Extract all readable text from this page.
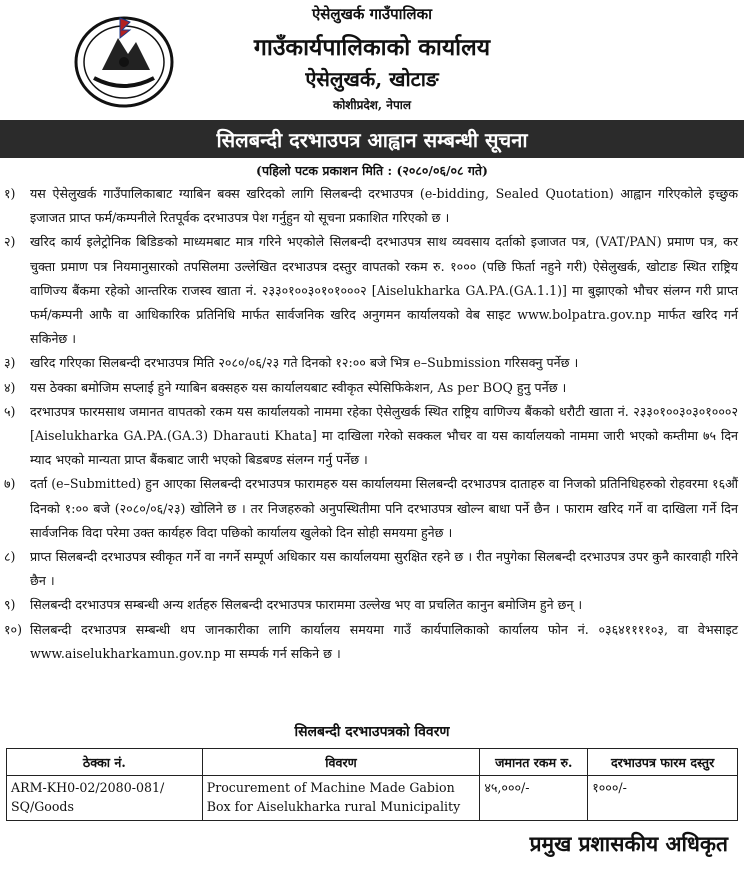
ऐसेलुखर्क गाउँपालिका
गाउँकार्यपालिकाको कार्यालय
ऐसेलुखर्क, खोटाङ
कोशीप्रदेश, नेपाल
सिलबन्दी दरभाउपत्र आह्वान सम्बन्धी सूचना
(पहिलो पटक प्रकाशन मिति : (२०८०/०६/०८ गते)
१)	यस ऐसेलुखर्क गाउँपालिकाबाट ग्याबिन बक्स खरिदको लागि सिलबन्दी दरभाउपत्र (e-bidding, Sealed Quotation) आह्वान गरिएकोले इच्छुक इजाजत प्राप्त फर्म/कम्पनीले रितपूर्वक दरभाउपत्र पेश गर्नुहुन यो सूचना प्रकाशित गरिएको छ ।
२)	खरिद कार्य इलेट्रोनिक बिडिङको माध्यमबाट मात्र गरिने भएकोले सिलबन्दी दरभाउपत्र साथ व्यवसाय दर्ताको इजाजत पत्र, (VAT/PAN) प्रमाण पत्र, कर चुक्ता प्रमाण पत्र नियमानुसारको तपसिलमा उल्लेखित दरभाउपत्र दस्तुर वापतको रकम रु. १००० (पछि फिर्ता नहुने गरी) ऐसेलुखर्क, खोटाङ स्थित राष्ट्रिय वाणिज्य बैंकमा रहेको आन्तरिक राजस्व खाता नं. २३३०१००३०१०१०००२ [Aiselukharka GA.PA.(GA.1.1)] मा बुझाएको भौचर संलग्न गरी प्राप्त फर्म/कम्पनी आफै वा आधिकारिक प्रतिनिधि मार्फत सार्वजनिक खरिद अनुगमन कार्यालयको वेब साइट www.bolpatra.gov.np मार्फत खरिद गर्न सकिनेछ ।
३)	खरिद गरिएका सिलबन्दी दरभाउपत्र मिति २०८०/०६/२३ गते दिनको १२:०० बजे भित्र e–Submission गरिसक्नु पर्नेछ ।
४)	यस ठेक्का बमोजिम सप्लाई हुने ग्याबिन बक्सहरु यस कार्यालयबाट स्वीकृत स्पेसिफिकेशन, As per BOQ हुनु पर्नेछ ।
५)	दरभाउपत्र फारमसाथ जमानत वापतको रकम यस कार्यालयको नाममा रहेका ऐसेलुखर्क स्थित राष्ट्रिय वाणिज्य बैंकको धरौटी खाता नं. २३३०१००३०३०१०००२ [Aiselukharka GA.PA.(GA.3) Dharauti Khata] मा दाखिला गरेको सक्कल भौचर वा यस कार्यालयको नाममा जारी भएको कम्तीमा ७५ दिन म्याद भएको मान्यता प्राप्त बैंकबाट जारी भएको बिडबण्ड संलग्न गर्नु पर्नेछ ।
७)	दर्ता (e–Submitted) हुन आएका सिलबन्दी दरभाउपत्र फारामहरु यस कार्यालयमा सिलबन्दी दरभाउपत्र दाताहरु वा निजको प्रतिनिधिहरुको रोहवरमा १६औं दिनको १:०० बजे (२०८०/०६/२३) खोलिने छ । तर निजहरुको अनुपस्थितीमा पनि दरभाउपत्र खोल्न बाधा पर्ने छैन । फाराम खरिद गर्ने वा दाखिला गर्ने दिन सार्वजनिक विदा परेमा उक्त कार्यहरु विदा पछिको कार्यालय खुलेको दिन सोही समयमा हुनेछ ।
८)	प्राप्त सिलबन्दी दरभाउपत्र स्वीकृत गर्ने वा नगर्ने सम्पूर्ण अधिकार यस कार्यालयमा सुरक्षित रहने छ । रीत नपुगेका सिलबन्दी दरभाउपत्र उपर कुनै कारवाही गरिने छैन ।
९)	सिलबन्दी दरभाउपत्र सम्बन्धी अन्य शर्तहरु सिलबन्दी दरभाउपत्र फाराममा उल्लेख भए वा प्रचलित कानुन बमोजिम हुने छन् ।
१०) सिलबन्दी दरभाउपत्र सम्बन्धी थप जानकारीका लागि कार्यालय समयमा गाउँ कार्यपालिकाको कार्यालय फोन नं. ०३६४११११०३, वा वेभसाइट www.aiselukharkamun.gov.np मा सम्पर्क गर्न सकिने छ ।
सिलबन्दी दरभाउपत्रको विवरण
ठेक्का नं.	विवरण	जमानत रकम रु.	दरभाउपत्र फारम दस्तुर
ARM-KH0-02/2080-081/ SQ/Goods	Procurement of Machine Made Gabion Box for Aiselukharka rural Municipality	४५,०००/-	१०००/-
प्रमुख प्रशासकीय अधिकृत
